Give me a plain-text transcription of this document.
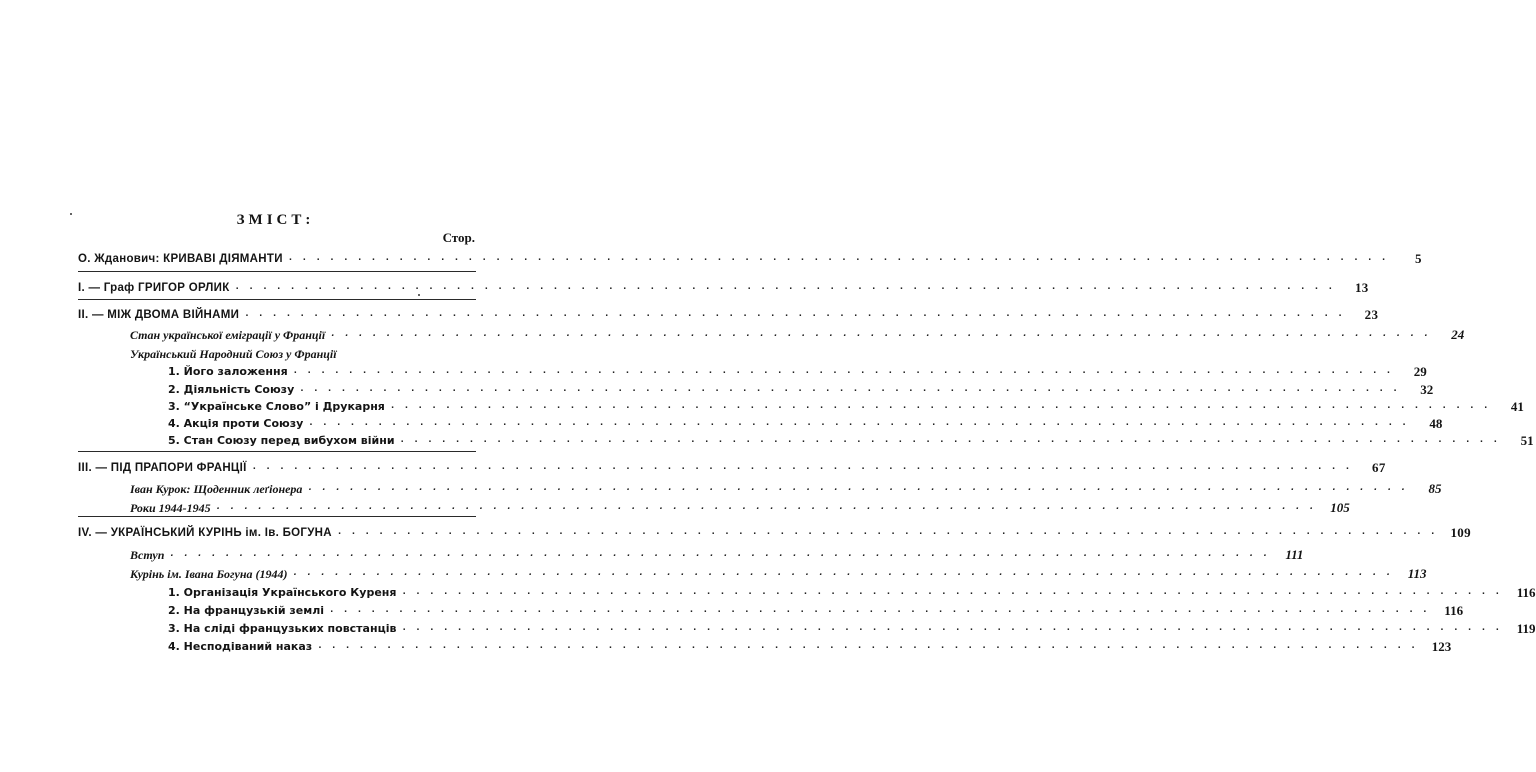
ЗМІСТ:
Стор.
О. Жданович: КРИВАВІ ДІЯМАНТИ . . . . . . . . . . . . . . . . . . . . . . . . . . . . . . . . . . . . . . . . . . . . . . . . . . . . . . . . . . . . . . . . . . . . . . . . . . . . . . . .	5
І. — Граф ГРИГОР ОРЛИК . . . . . . . . . . . . . . . . . . . . . . . . . . . . . . . . . . . . . . . . . . . . . . . . . . . . . . . . . . . . . . . . . . . . . . . . . . . . . . . .	13
II. — МІЖ ДВОМА ВІЙНАМИ . . . . . . . . . . . . . . . . . . . . . . . . . . . . . . . . . . . . . . . . . . . . . . . . . . . . . . . . . . . . . . . . . . . . . . . . . . . . . . . .	23
Стан української еміграції у Франції . . . . . . . . . . . . . . . . . . . . . . . . . . . . . . . . . . . . . . . . . . . . . . . . . . . . . . . . . . . . . . . . . . . . . . . . . . . . . . . .	24
Український Народний Союз у Франції
1. Його заложення . . . . . . . . . . . . . . . . . . . . . . . . . . . . . . . . . . . . . . . . . . . . . . . . . . . . . . . . . . . . . . . . . . . . . . . . . . . . . . . .	29
2. Діяльність Союзу . . . . . . . . . . . . . . . . . . . . . . . . . . . . . . . . . . . . . . . . . . . . . . . . . . . . . . . . . . . . . . . . . . . . . . . . . . . . . . . .	32
3. “Українське Слово” і Друкарня . . . . . . . . . . . . . . . . . . . . . . . . . . . . . . . . . . . . . . . . . . . . . . . . . . . . . . . . . . . . . . . . . . . . . . . . . . . . . . . .	41
4. Акція проти Союзу . . . . . . . . . . . . . . . . . . . . . . . . . . . . . . . . . . . . . . . . . . . . . . . . . . . . . . . . . . . . . . . . . . . . . . . . . . . . . . . .	48
5. Стан Союзу перед вибухом війни . . . . . . . . . . . . . . . . . . . . . . . . . . . . . . . . . . . . . . . . . . . . . . . . . . . . . . . . . . . . . . . . . . . . . . . . . . . . . . . .	51
III. — ПІД ПРАПОРИ ФРАНЦІЇ . . . . . . . . . . . . . . . . . . . . . . . . . . . . . . . . . . . . . . . . . . . . . . . . . . . . . . . . . . . . . . . . . . . . . . . . . . . . . . . .	67
Іван Курок: Щоденник леґіонера . . . . . . . . . . . . . . . . . . . . . . . . . . . . . . . . . . . . . . . . . . . . . . . . . . . . . . . . . . . . . . . . . . . . . . . . . . . . . . . .	85
Роки 1944-1945 . . . . . . . . . . . . . . . . . . . . . . . . . . . . . . . . . . . . . . . . . . . . . . . . . . . . . . . . . . . . . . . . . . . . . . . . . . . . . . . .	105
IV. — УКРАЇНСЬКИЙ КУРІНЬ ім. Ів. БОГУНА . . . . . . . . . . . . . . . . . . . . . . . . . . . . . . . . . . . . . . . . . . . . . . . . . . . . . . . . . . . . . . . . . . . . . . . . . . . . . . . .	109
Вступ . . . . . . . . . . . . . . . . . . . . . . . . . . . . . . . . . . . . . . . . . . . . . . . . . . . . . . . . . . . . . . . . . . . . . . . . . . . . . . . .	111
Курінь ім. Івана Богуна (1944) . . . . . . . . . . . . . . . . . . . . . . . . . . . . . . . . . . . . . . . . . . . . . . . . . . . . . . . . . . . . . . . . . . . . . . . . . . . . . . . .	113
1. Організація Українського Куреня . . . . . . . . . . . . . . . . . . . . . . . . . . . . . . . . . . . . . . . . . . . . . . . . . . . . . . . . . . . . . . . . . . . . . . . . . . . . . . . .	116
2. На французькій землі . . . . . . . . . . . . . . . . . . . . . . . . . . . . . . . . . . . . . . . . . . . . . . . . . . . . . . . . . . . . . . . . . . . . . . . . . . . . . . . .	116
3. На сліді французьких повстанців . . . . . . . . . . . . . . . . . . . . . . . . . . . . . . . . . . . . . . . . . . . . . . . . . . . . . . . . . . . . . . . . . . . . . . . . . . . . . . . .	119
4. Несподіваний наказ . . . . . . . . . . . . . . . . . . . . . . . . . . . . . . . . . . . . . . . . . . . . . . . . . . . . . . . . . . . . . . . . . . . . . . . . . . . . . . . .	123
